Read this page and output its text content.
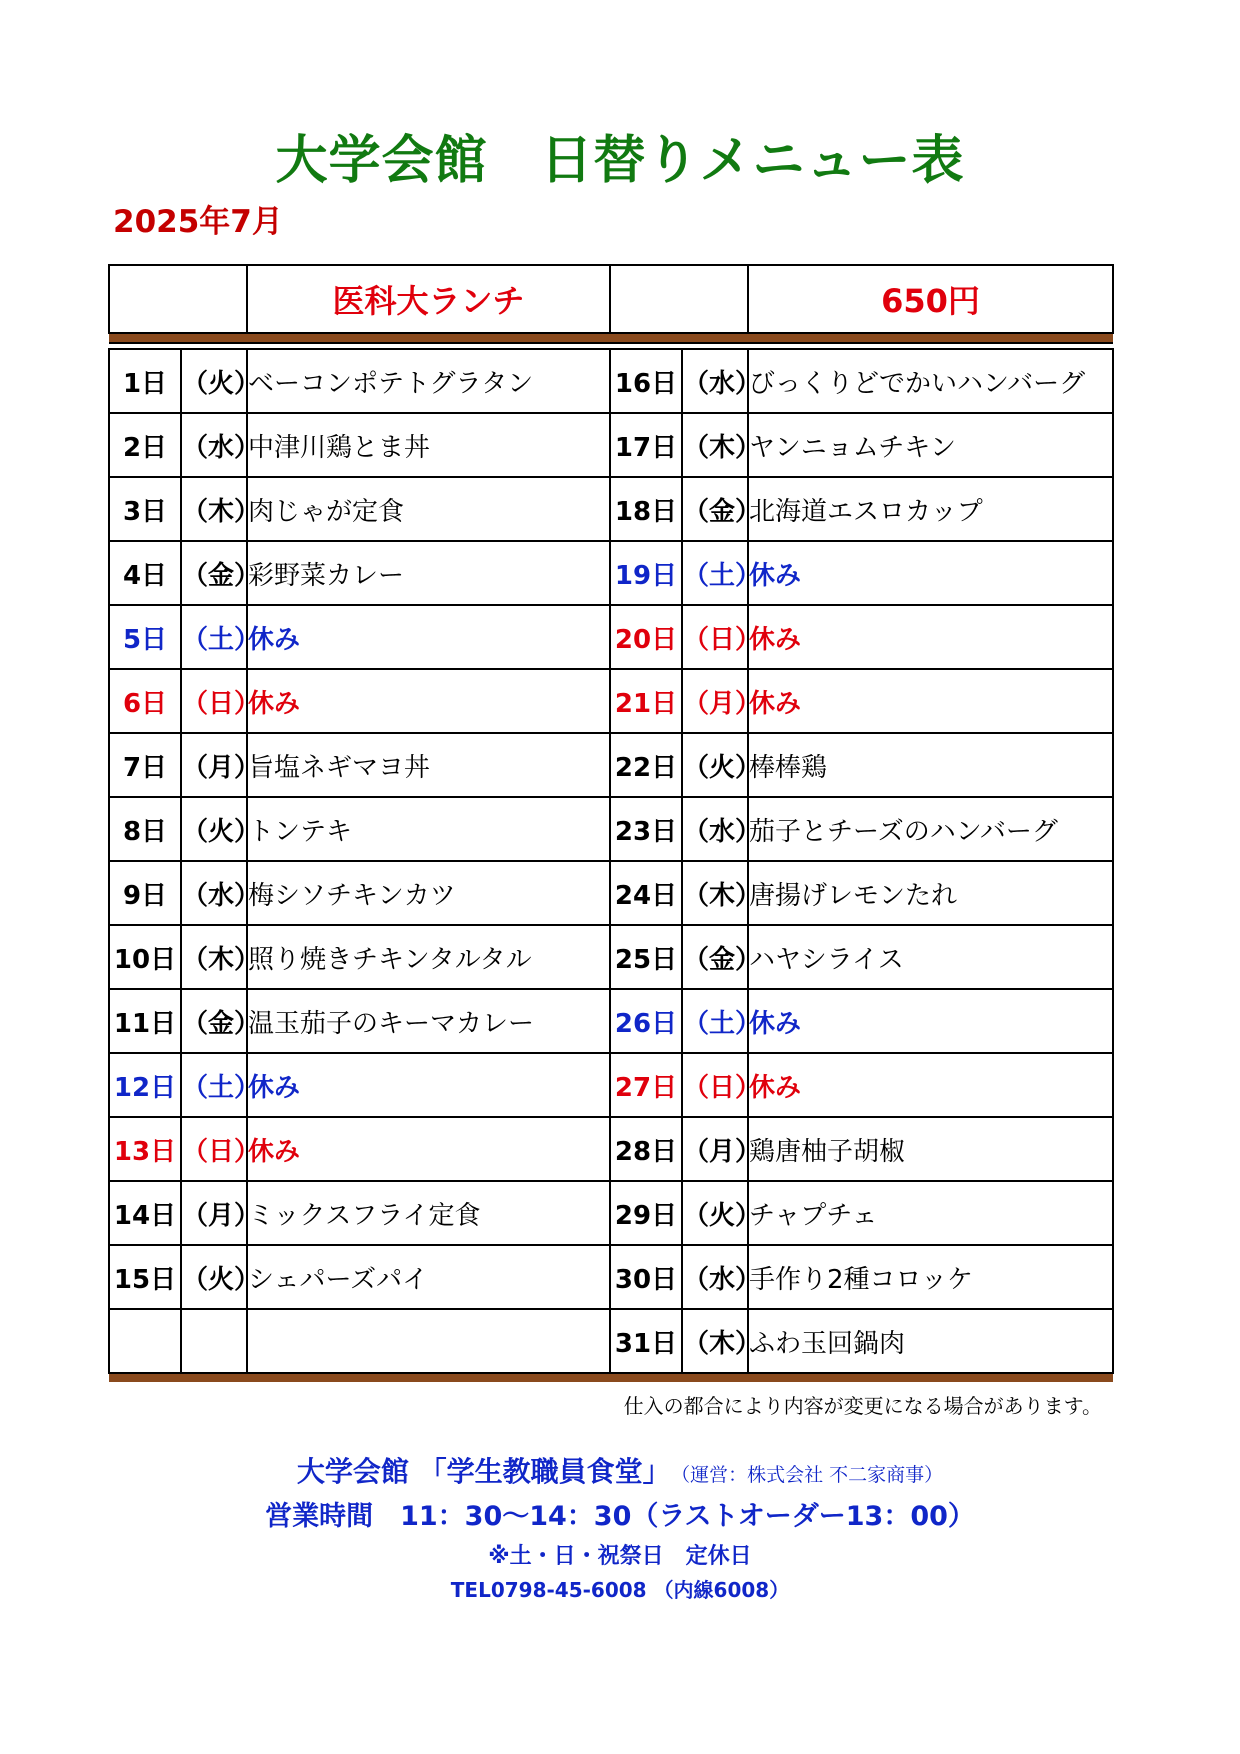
大学会館　日替りメニュー表
2025年7月
		医科大ランチ			650円

1日	（火）	ベーコンポテトグラタン	16日	（水）	びっくりどでかいハンバーグ
2日	（水）	中津川鶏とま丼	17日	（木）	ヤンニョムチキン
3日	（木）	肉じゃが定食	18日	（金）	北海道エスロカップ
4日	（金）	彩野菜カレー	19日	（土）	休み
5日	（土）	休み	20日	（日）	休み
6日	（日）	休み	21日	（月）	休み
7日	（月）	旨塩ネギマヨ丼	22日	（火）	棒棒鶏
8日	（火）	トンテキ	23日	（水）	茄子とチーズのハンバーグ
9日	（水）	梅シソチキンカツ	24日	（木）	唐揚げレモンたれ
10日	（木）	照り焼きチキンタルタル	25日	（金）	ハヤシライス
11日	（金）	温玉茄子のキーマカレー	26日	（土）	休み
12日	（土）	休み	27日	（日）	休み
13日	（日）	休み	28日	（月）	鶏唐柚子胡椒
14日	（月）	ミックスフライ定食	29日	（火）	チャプチェ
15日	（火）	シェパーズパイ	30日	（水）	手作り2種コロッケ
			31日	（木）	ふわ玉回鍋肉

仕入の都合により内容が変更になる場合があります。
大学会館 「学生教職員食堂」 （運営：株式会社 不二家商事）
営業時間　11：30～14：30（ラストオーダー13：00）
※土・日・祝祭日　定休日
TEL0798-45-6008 （内線6008）
